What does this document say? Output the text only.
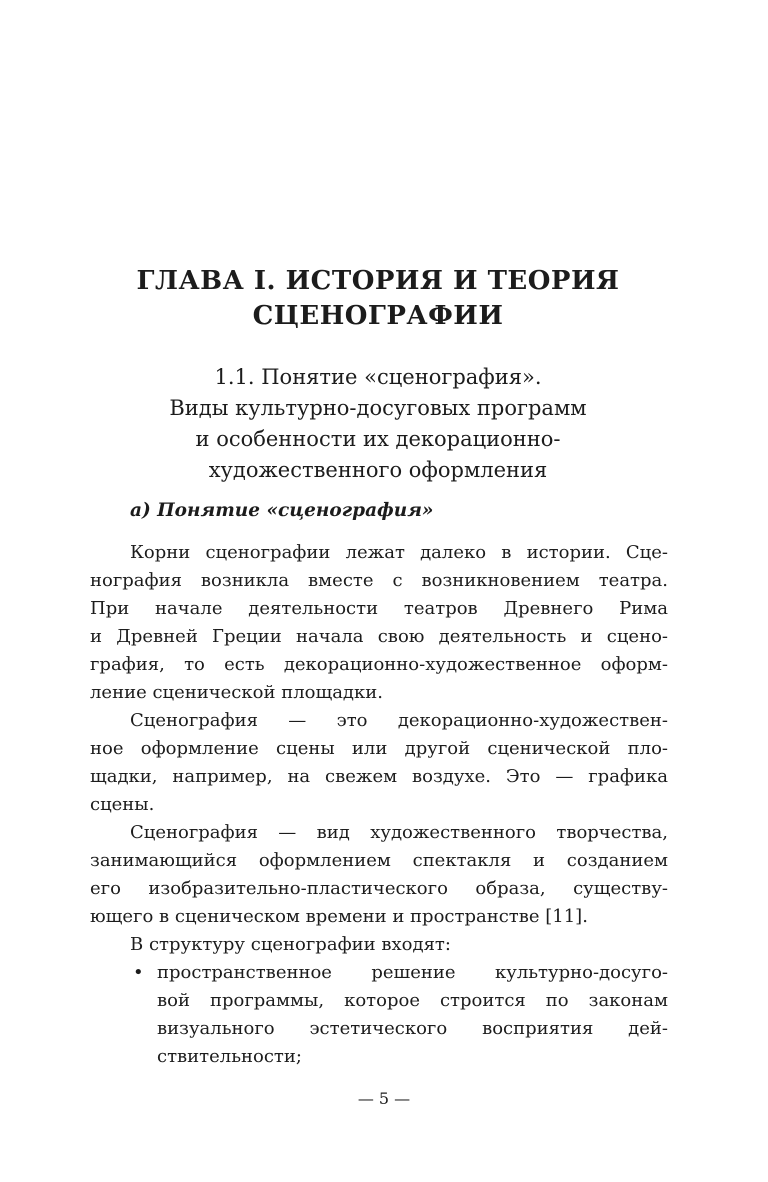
ГЛАВА I. ИСТОРИЯ И ТЕОРИЯ
СЦЕНОГРАФИИ
1.1. Понятие «сценография».
Виды культурно-досуговых программ
и особенности их декорационно-
художественного оформления
а) Понятие «сценография»

Корни сценографии лежат далеко в истории. Сце-

нография возникла вместе с возникновением театра.

При начале деятельности театров Древнего Рима

и Древней Греции начала свою деятельность и сцено-

графия, то есть декорационно-художественное оформ-

ление сценической площадки.

Сценография — это декорационно-художествен-

ное оформление сцены или другой сценической пло-

щадки, например, на свежем воздухе. Это — графика

сцены.

Сценография — вид художественного творчества,

занимающийся оформлением спектакля и созданием

его изобразительно-пластического образа, существу-

ющего в сценическом времени и пространстве [11].

В структуру сценографии входят:

• пространственное решение культурно-досуго-

вой программы, которое строится по законам

визуального эстетического восприятия дей-

ствительности;

— 5 —
